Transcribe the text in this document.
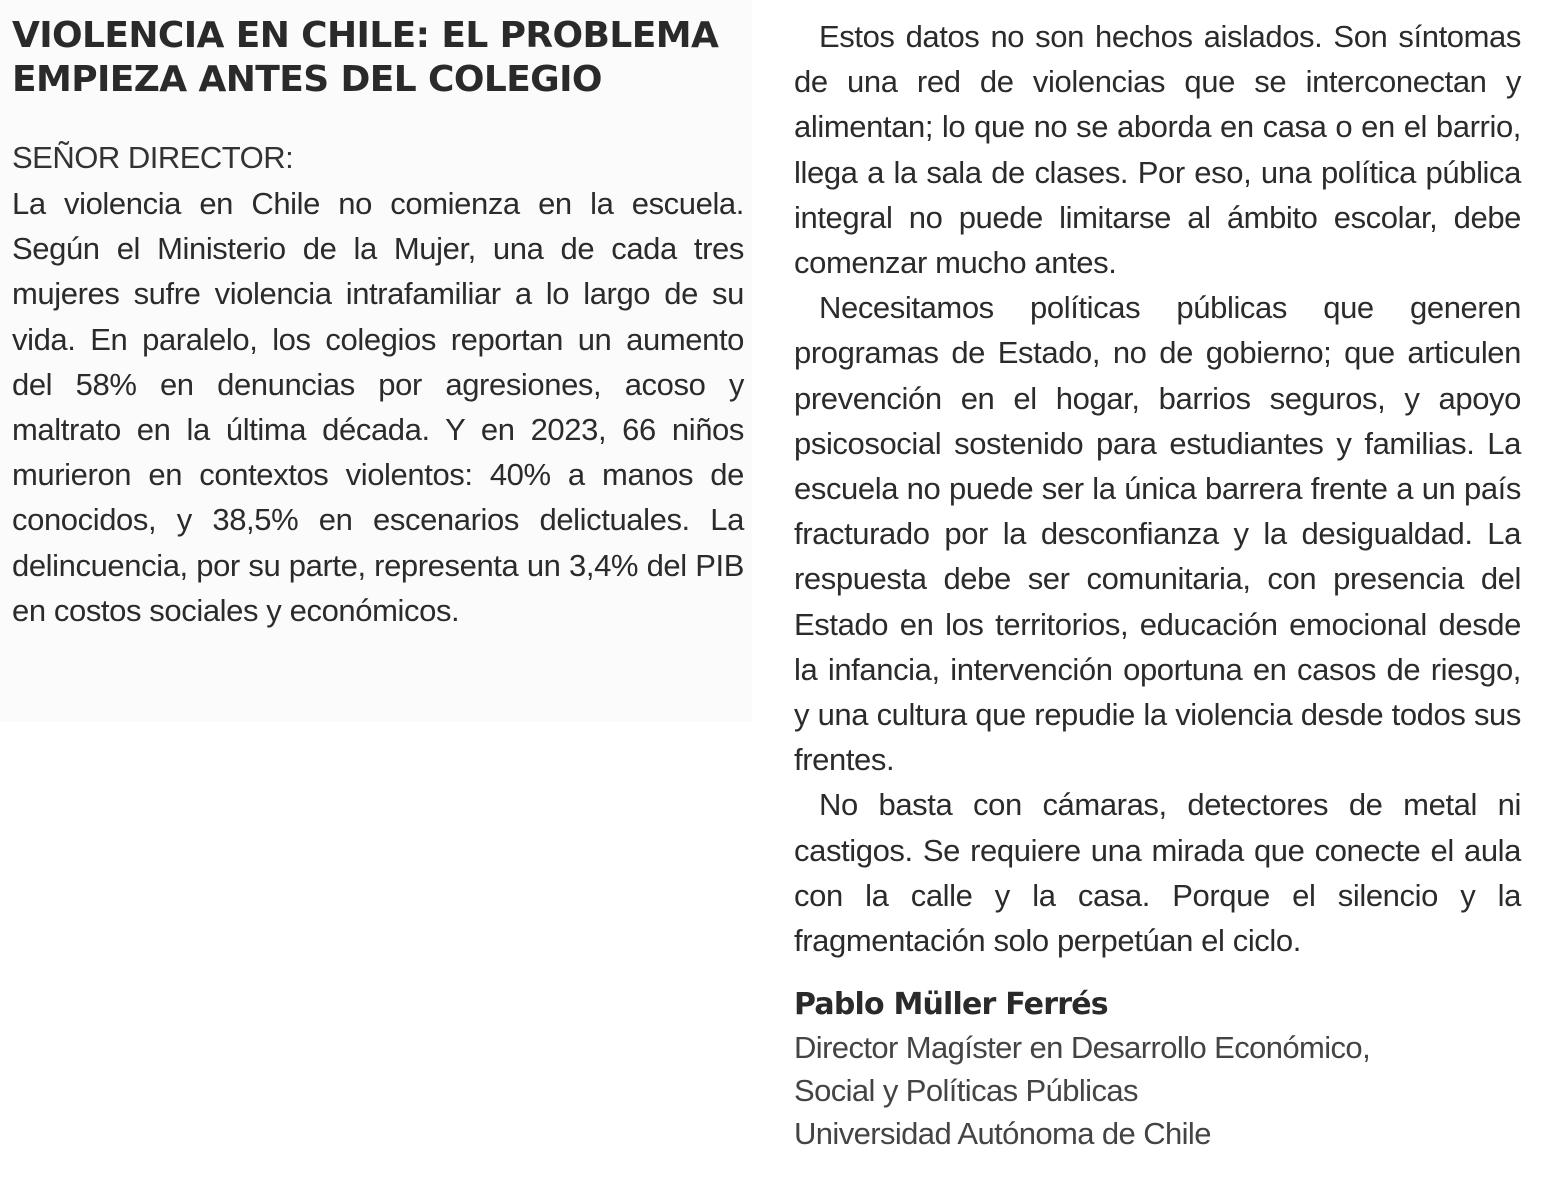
VIOLENCIA EN CHILE: EL PROBLEMA EMPIEZA ANTES DEL COLEGIO

SEÑOR DIRECTOR:

La violencia en Chile no comienza en la escuela. Según el Ministerio de la Mujer, una de cada tres mujeres sufre violencia intrafamiliar a lo largo de su vida. En paralelo, los colegios reportan un aumento del 58% en denuncias por agresiones, acoso y maltrato en la última década. Y en 2023, 66 niños murieron en contextos violentos: 40% a manos de conocidos, y 38,5% en escenarios delictuales. La delincuencia, por su parte, representa un 3,4% del PIB en costos sociales y económicos.

Estos datos no son hechos aislados. Son síntomas de una red de violencias que se interconectan y alimentan; lo que no se aborda en casa o en el barrio, llega a la sala de clases. Por eso, una política pública integral no puede limitarse al ámbito escolar, debe comenzar mucho antes.

Necesitamos políticas públicas que generen programas de Estado, no de gobierno; que articulen prevención en el hogar, barrios seguros, y apoyo psicosocial sostenido para estudiantes y familias. La escuela no puede ser la única barrera frente a un país fracturado por la desconfianza y la desigualdad. La respuesta debe ser comunitaria, con presencia del Estado en los territorios, educación emocional desde la infancia, intervención oportuna en casos de riesgo, y una cultura que repudie la violencia desde todos sus frentes.

No basta con cámaras, detectores de metal ni castigos. Se requiere una mirada que conecte el aula con la calle y la casa. Porque el silencio y la fragmentación solo perpetúan el ciclo.

Pablo Müller Ferrés

Director Magíster en Desarrollo Económico,

Social y Políticas Públicas

Universidad Autónoma de Chile
